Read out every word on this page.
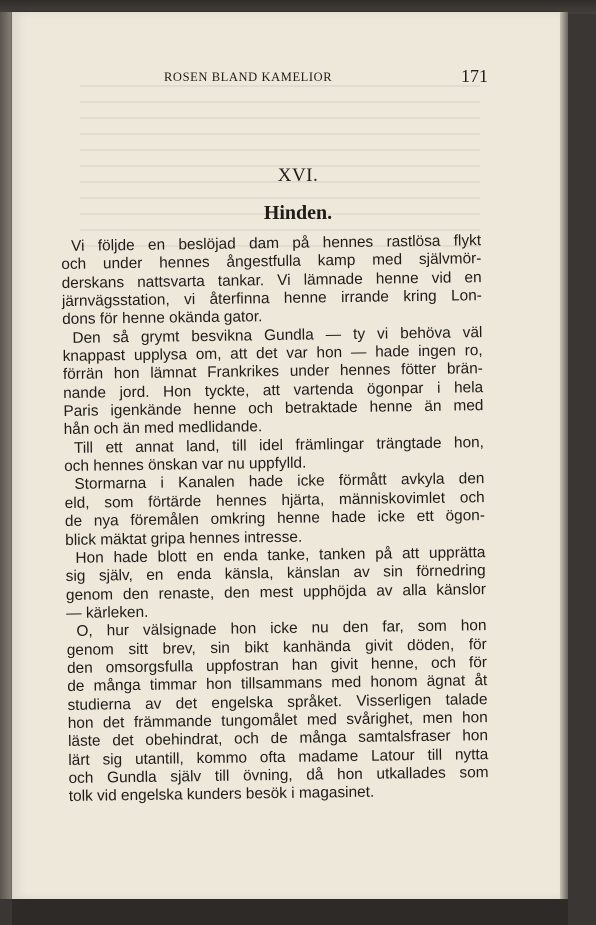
ROSEN BLAND KAMELIOR	171
XVI.
Hinden.
Vi följde en beslöjad dam på hennes rastlösa flykt
och under hennes ångestfulla kamp med självmör-
derskans nattsvarta tankar. Vi lämnade henne vid en
järnvägsstation, vi återfinna henne irrande kring Lon-
dons för henne okända gator.
Den så grymt besvikna Gundla — ty vi behöva väl
knappast upplysa om, att det var hon — hade ingen ro,
förrän hon lämnat Frankrikes under hennes fötter brän-
nande jord. Hon tyckte, att vartenda ögonpar i hela
Paris igenkände henne och betraktade henne än med
hån och än med medlidande.
Till ett annat land, till idel främlingar trängtade hon,
och hennes önskan var nu uppfylld.
Stormarna i Kanalen hade icke förmått avkyla den
eld, som förtärde hennes hjärta, människovimlet och
de nya föremålen omkring henne hade icke ett ögon-
blick mäktat gripa hennes intresse.
Hon hade blott en enda tanke, tanken på att upprätta
sig själv, en enda känsla, känslan av sin förnedring
genom den renaste, den mest upphöjda av alla känslor
— kärleken.
O, hur välsignade hon icke nu den far, som hon
genom sitt brev, sin bikt kanhända givit döden, för
den omsorgsfulla uppfostran han givit henne, och för
de många timmar hon tillsammans med honom ägnat åt
studierna av det engelska språket. Visserligen talade
hon det främmande tungomålet med svårighet, men hon
läste det obehindrat, och de många samtalsfraser hon
lärt sig utantill, kommo ofta madame Latour till nytta
och Gundla själv till övning, då hon utkallades som
tolk vid engelska kunders besök i magasinet.
